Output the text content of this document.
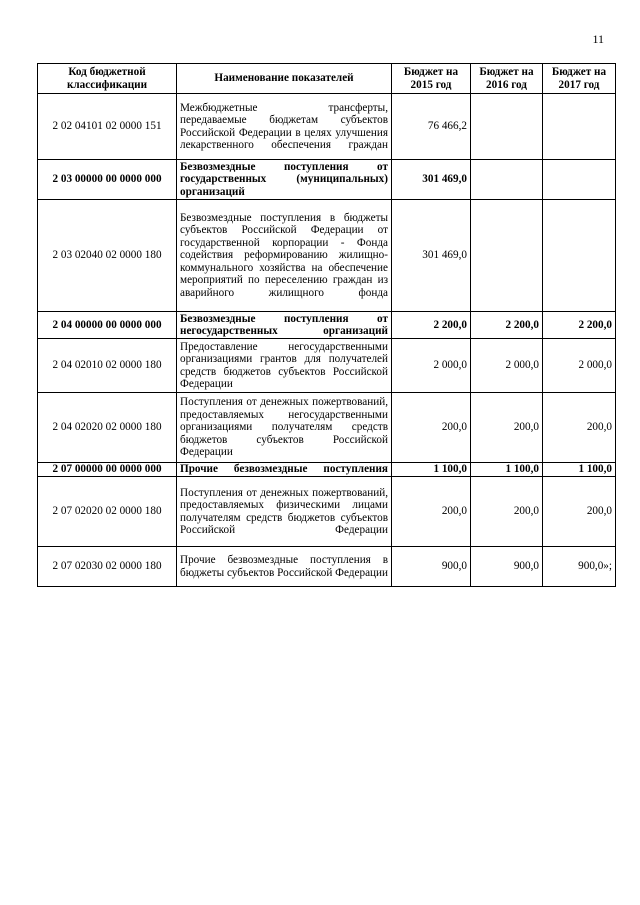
11
Код бюджетной классификации	Наименование показателей	Бюджет на 2015 год	Бюджет на 2016 год	Бюджет на 2017 год
2 02 04101 02 0000 151	Межбюджетные трансферты, передаваемые бюджетам субъектов Российской Федерации в целях улучшения лекарственного обеспечения граждан	76 466,2		
2 03 00000 00 0000 000	Безвозмездные поступления от государственных (муниципальных) организаций	301 469,0		
2 03 02040 02 0000 180	Безвозмездные поступления в бюджеты субъектов Российской Федерации от государственной корпорации - Фонда содействия реформированию жилищно-коммунального хозяйства на обеспечение мероприятий по переселению граждан из аварийного жилищного фонда	301 469,0		
2 04 00000 00 0000 000	Безвозмездные поступления от негосударственных организаций	2 200,0	2 200,0	2 200,0
2 04 02010 02 0000 180	Предоставление негосударственными организациями грантов для получателей средств бюджетов субъектов Российской Федерации	2 000,0	2 000,0	2 000,0
2 04 02020 02 0000 180	Поступления от денежных пожертвований, предоставляемых негосударственными организациями получателям средств бюджетов субъектов Российской Федерации	200,0	200,0	200,0
2 07 00000 00 0000 000	Прочие безвозмездные поступления	1 100,0	1 100,0	1 100,0
2 07 02020 02 0000 180	Поступления от денежных пожертвований, предоставляемых физическими лицами получателям средств бюджетов субъектов Российской Федерации	200,0	200,0	200,0
2 07 02030 02 0000 180	Прочие безвозмездные поступления в бюджеты субъектов Российской Федерации	900,0	900,0	900,0»;
